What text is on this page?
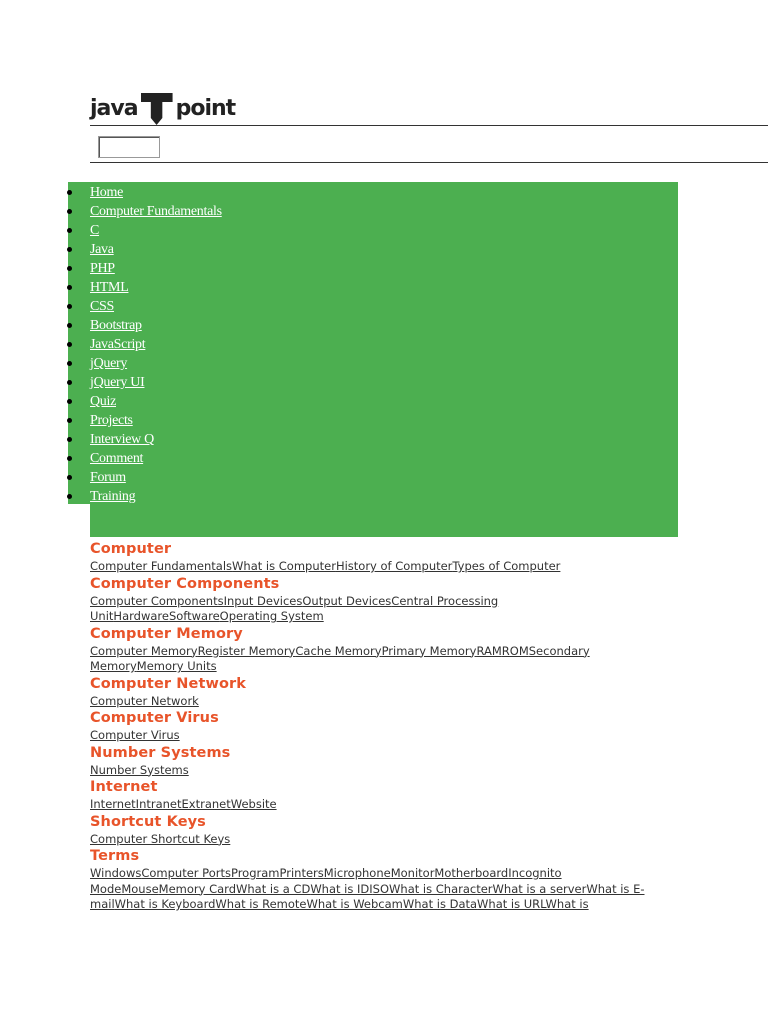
java point
Home
Computer Fundamentals
C
Java
PHP
HTML
CSS
Bootstrap
JavaScript
jQuery
jQuery UI
Quiz
Projects
Interview Q
Comment
Forum
Training
Computer
Computer FundamentalsWhat is ComputerHistory of ComputerTypes of Computer
Computer Components
Computer ComponentsInput DevicesOutput DevicesCentral Processing UnitHardwareSoftwareOperating System
Computer Memory
Computer MemoryRegister MemoryCache MemoryPrimary MemoryRAMROMSecondary MemoryMemory Units
Computer Network
Computer Network
Computer Virus
Computer Virus
Number Systems
Number Systems
Internet
InternetIntranetExtranetWebsite
Shortcut Keys
Computer Shortcut Keys
Terms
WindowsComputer PortsProgramPrintersMicrophoneMonitorMotherboardIncognito ModeMouseMemory CardWhat is a CDWhat is IDISOWhat is CharacterWhat is a serverWhat is E-mailWhat is KeyboardWhat is RemoteWhat is WebcamWhat is DataWhat is URLWhat is
